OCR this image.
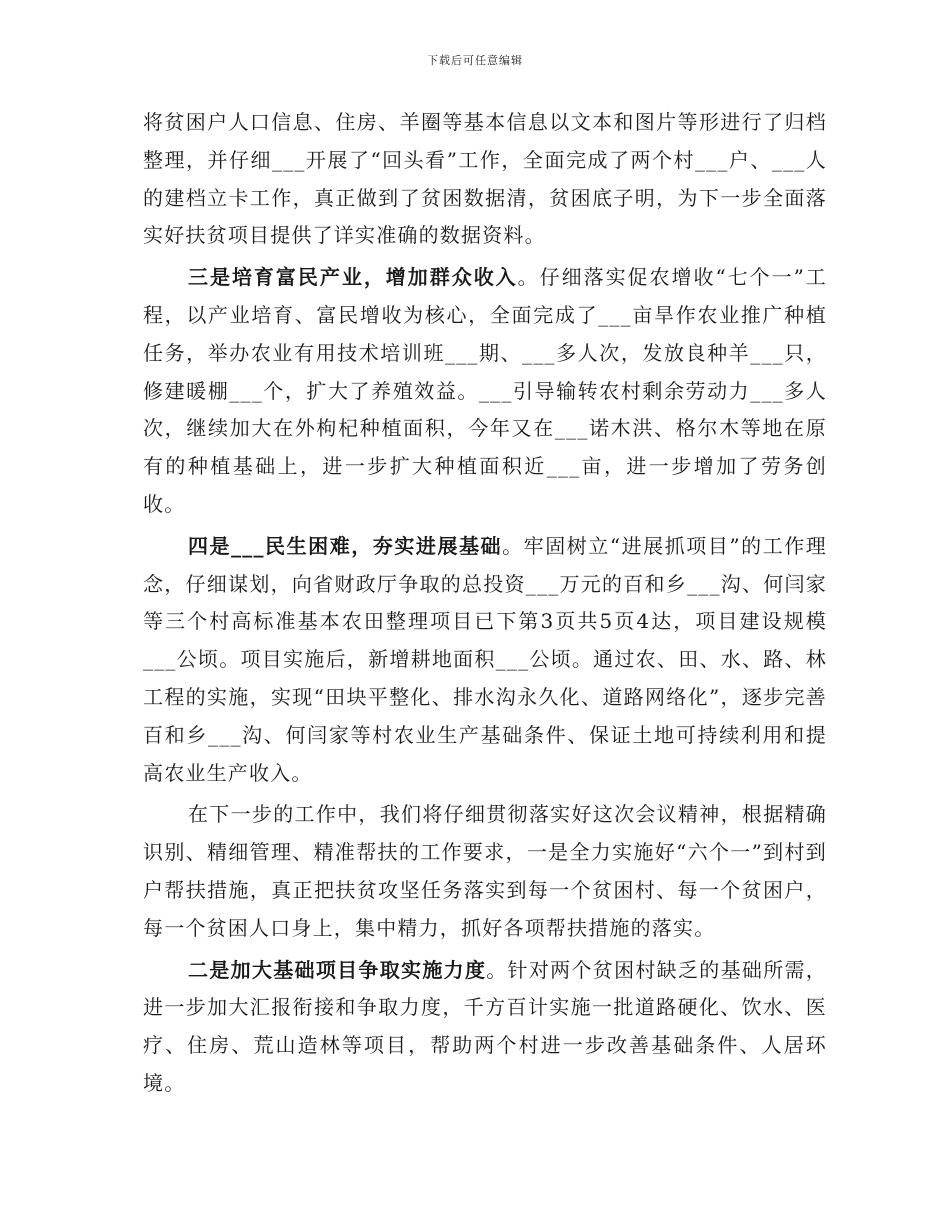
下载后可任意编辑

将贫困户人口信息、住房、羊圈等基本信息以文本和图片等形进行了归档整理，并仔细___开展了“回头看”工作，全面完成了两个村___户、___人的建档立卡工作，真正做到了贫困数据清，贫困底子明，为下一步全面落实好扶贫项目提供了详实准确的数据资料。

三是培育富民产业，增加群众收入。仔细落实促农增收“七个一”工程，以产业培育、富民增收为核心，全面完成了___亩旱作农业推广种植任务，举办农业有用技术培训班___期、___多人次，发放良种羊___只，修建暖棚___个，扩大了养殖效益。___引导输转农村剩余劳动力___多人次，继续加大在外枸杞种植面积，今年又在___诺木洪、格尔木等地在原有的种植基础上，进一步扩大种植面积近___亩，进一步增加了劳务创收。

四是___民生困难，夯实进展基础。牢固树立“进展抓项目”的工作理念，仔细谋划，向省财政厅争取的总投资___万元的百和乡___沟、何闫家等三个村高标准基本农田整理项目已下第3页共5页4达，项目建设规模___公顷。项目实施后，新增耕地面积___公顷。通过农、田、水、路、林工程的实施，实现“田块平整化、排水沟永久化、道路网络化”，逐步完善百和乡___沟、何闫家等村农业生产基础条件、保证土地可持续利用和提高农业生产收入。

在下一步的工作中，我们将仔细贯彻落实好这次会议精神，根据精确识别、精细管理、精准帮扶的工作要求，一是全力实施好“六个一”到村到户帮扶措施，真正把扶贫攻坚任务落实到每一个贫困村、每一个贫困户，每一个贫困人口身上，集中精力，抓好各项帮扶措施的落实。

二是加大基础项目争取实施力度。针对两个贫困村缺乏的基础所需，进一步加大汇报衔接和争取力度，千方百计实施一批道路硬化、饮水、医疗、住房、荒山造林等项目，帮助两个村进一步改善基础条件、人居环境。
